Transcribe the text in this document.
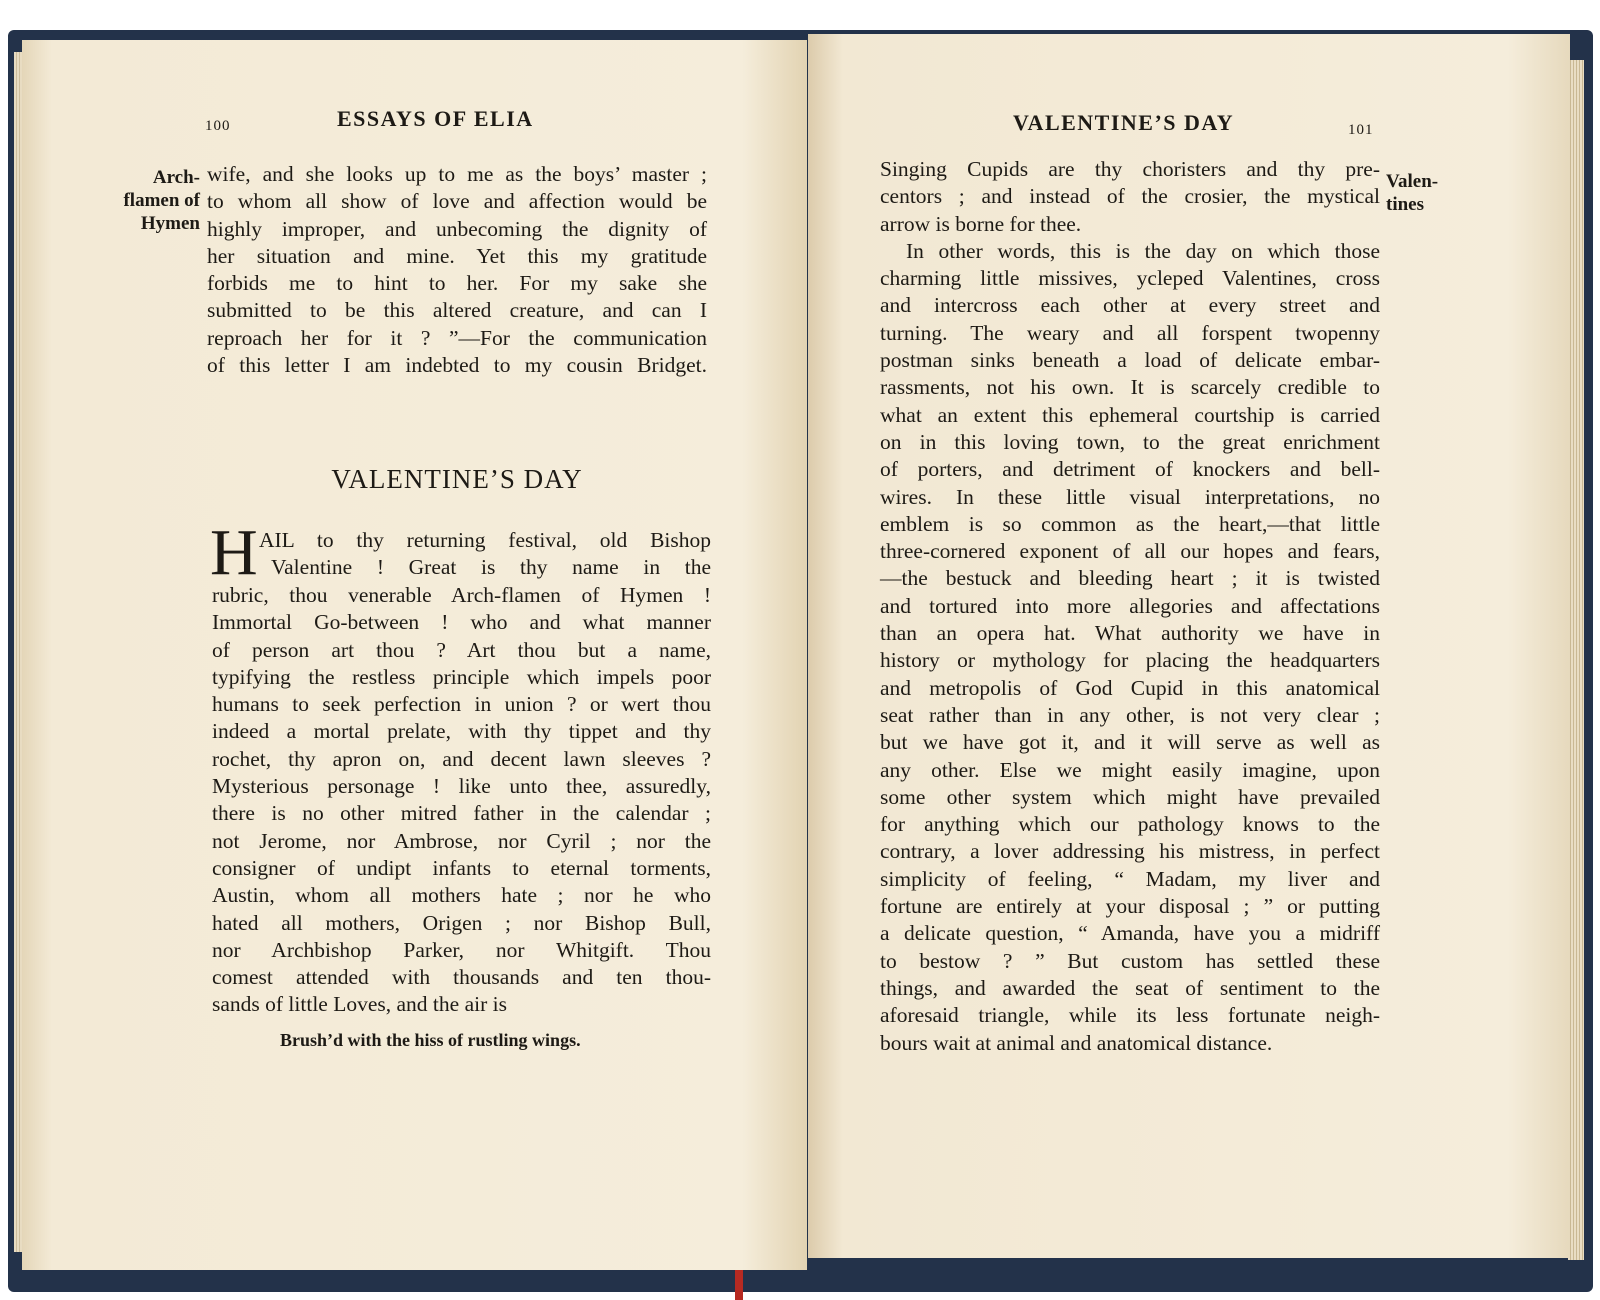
100	ESSAYS OF ELIA
Arch-
flamen of
Hymen
wife, and she looks up to me as the boys’ master ;
to whom all show of love and affection would be
highly improper, and unbecoming the dignity of
her situation and mine. Yet this my gratitude
forbids me to hint to her. For my sake she
submitted to be this altered creature, and can I
reproach her for it ? ”—For the communication
of this letter I am indebted to my cousin Bridget.
VALENTINE’S DAY
H AIL to thy returning festival, old Bishop
Valentine ! Great is thy name in the
rubric, thou venerable Arch-flamen of Hymen !
Immortal Go-between ! who and what manner
of person art thou ? Art thou but a name,
typifying the restless principle which impels poor
humans to seek perfection in union ? or wert thou
indeed a mortal prelate, with thy tippet and thy
rochet, thy apron on, and decent lawn sleeves ?
Mysterious personage ! like unto thee, assuredly,
there is no other mitred father in the calendar ;
not Jerome, nor Ambrose, nor Cyril ; nor the
consigner of undipt infants to eternal torments,
Austin, whom all mothers hate ; nor he who
hated all mothers, Origen ; nor Bishop Bull,
nor Archbishop Parker, nor Whitgift. Thou
comest attended with thousands and ten thou-
sands of little Loves, and the air is
Brush’d with the hiss of rustling wings.
VALENTINE’S DAY	101
Valen-
tines
Singing Cupids are thy choristers and thy pre-
centors ; and instead of the crosier, the mystical
arrow is borne for thee.
In other words, this is the day on which those
charming little missives, ycleped Valentines, cross
and intercross each other at every street and
turning. The weary and all forspent twopenny
postman sinks beneath a load of delicate embar-
rassments, not his own. It is scarcely credible to
what an extent this ephemeral courtship is carried
on in this loving town, to the great enrichment
of porters, and detriment of knockers and bell-
wires. In these little visual interpretations, no
emblem is so common as the heart,—that little
three-cornered exponent of all our hopes and fears,
—the bestuck and bleeding heart ; it is twisted
and tortured into more allegories and affectations
than an opera hat. What authority we have in
history or mythology for placing the headquarters
and metropolis of God Cupid in this anatomical
seat rather than in any other, is not very clear ;
but we have got it, and it will serve as well as
any other. Else we might easily imagine, upon
some other system which might have prevailed
for anything which our pathology knows to the
contrary, a lover addressing his mistress, in perfect
simplicity of feeling, “ Madam, my liver and
fortune are entirely at your disposal ; ” or putting
a delicate question, “ Amanda, have you a midriff
to bestow ? ” But custom has settled these
things, and awarded the seat of sentiment to the
aforesaid triangle, while its less fortunate neigh-
bours wait at animal and anatomical distance.
